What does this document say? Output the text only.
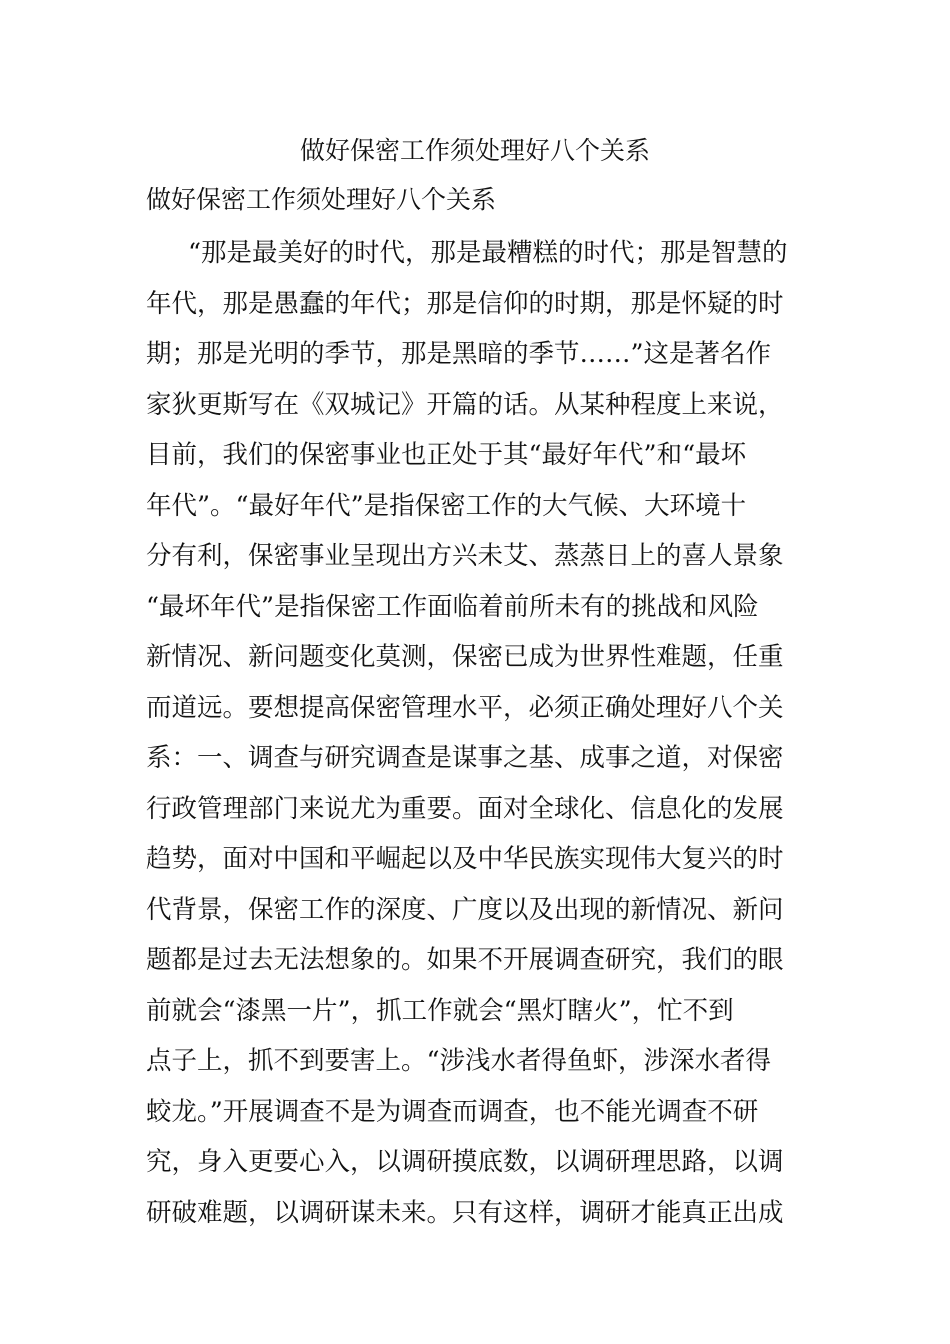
做好保密工作须处理好八个关系
做好保密工作须处理好八个关系
“那是最美好的时代，那是最糟糕的时代；那是智慧的
年代，那是愚蠢的年代；那是信仰的时期，那是怀疑的时
期；那是光明的季节，那是黑暗的季节……”这是著名作
家狄更斯写在《双城记》开篇的话。从某种程度上来说，
目前，我们的保密事业也正处于其“最好年代”和“最坏
年代”。“最好年代”是指保密工作的大气候、大环境十
分有利，保密事业呈现出方兴未艾、蒸蒸日上的喜人景象
“最坏年代”是指保密工作面临着前所未有的挑战和风险
新情况、新问题变化莫测，保密已成为世界性难题，任重
而道远。要想提高保密管理水平，必须正确处理好八个关
系：一、调查与研究调查是谋事之基、成事之道，对保密
行政管理部门来说尤为重要。面对全球化、信息化的发展
趋势，面对中国和平崛起以及中华民族实现伟大复兴的时
代背景，保密工作的深度、广度以及出现的新情况、新问
题都是过去无法想象的。如果不开展调查研究，我们的眼
前就会“漆黑一片”，抓工作就会“黑灯瞎火”，忙不到
点子上，抓不到要害上。“涉浅水者得鱼虾，涉深水者得
蛟龙。”开展调查不是为调查而调查，也不能光调查不研
究，身入更要心入，以调研摸底数，以调研理思路，以调
研破难题，以调研谋未来。只有这样，调研才能真正出成
